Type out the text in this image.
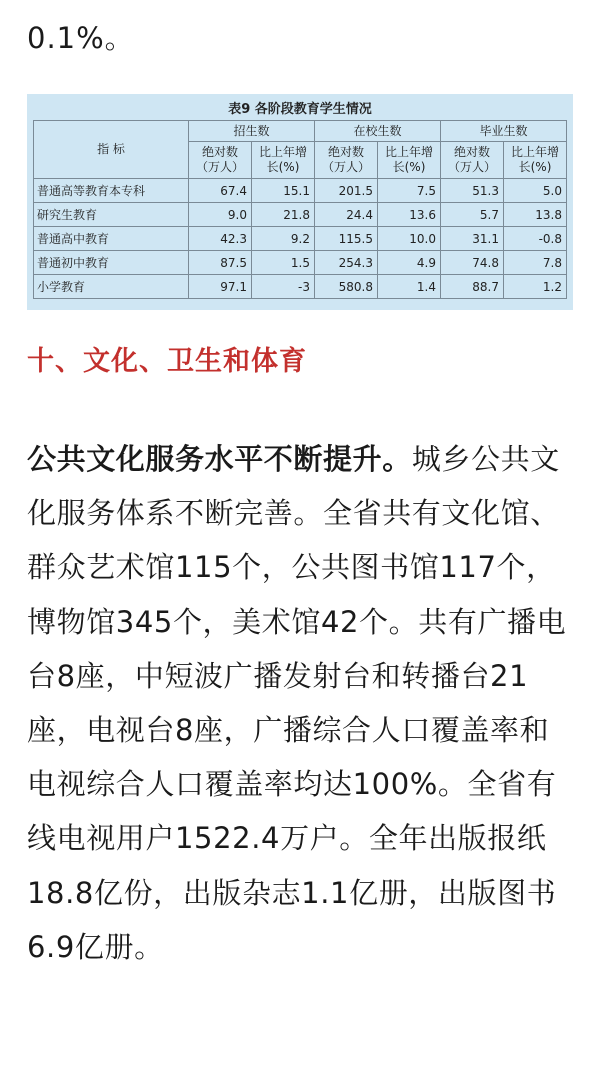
0.1%。
表9 各阶段教育学生情况
指 标	招生数		在校生数		毕业生数	
	绝对数（万人）	比上年增长(%)	绝对数（万人）	比上年增长(%)	绝对数（万人）	比上年增长(%)
普通高等教育本专科	67.4	15.1	201.5	7.5	51.3	5.0
研究生教育	9.0	21.8	24.4	13.6	5.7	13.8
普通高中教育	42.3	9.2	115.5	10.0	31.1	-0.8
普通初中教育	87.5	1.5	254.3	4.9	74.8	7.8
小学教育	97.1	-3	580.8	1.4	88.7	1.2
十、文化、卫生和体育
公共文化服务水平不断提升。城乡公共文化服务体系不断完善。全省共有文化馆、群众艺术馆115个，公共图书馆117个，博物馆345个，美术馆42个。共有广播电台8座，中短波广播发射台和转播台21座，电视台8座，广播综合人口覆盖率和电视综合人口覆盖率均达100%。全省有线电视用户1522.4万户。全年出版报纸18.8亿份，出版杂志1.1亿册，出版图书6.9亿册。
